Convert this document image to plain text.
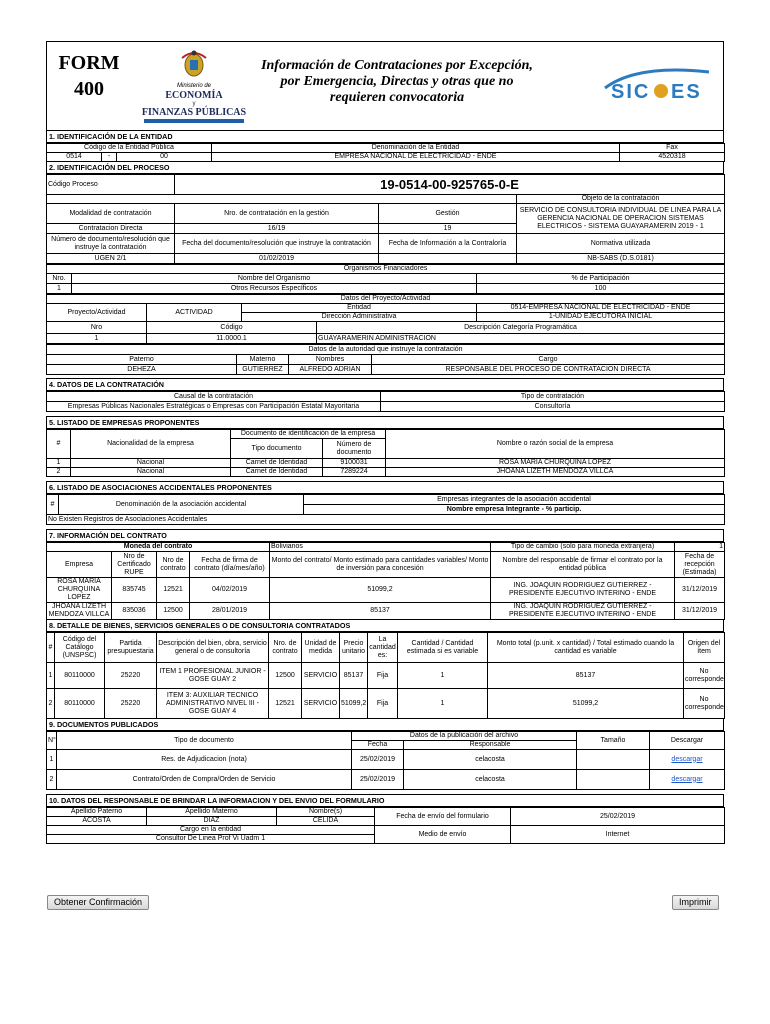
FORM
400	Ministerio de
ECONOMÍA
y
FINANZAS PÚBLICAS
Información de Contrataciones por Excepción, por Emergencia, Directas y otras que no requieren convocatoria	SIC ES
1. IDENTIFICACIÓN DE LA ENTIDAD
Código de la Entidad Pública			Denominación de la Entidad	Fax
0514	-	00	EMPRESA NACIONAL DE ELECTRICIDAD - ENDE	4520318
2. IDENTIFICACIÓN DEL PROCESO
Código Proceso	19-0514-00-925765-0-E		
			Objeto de la contratación
			SERVICIO DE CONSULTORIA INDIVIDUAL DE LINEA PARA LA GERENCIA NACIONAL DE OPERACION SISTEMAS ELECTRICOS - SISTEMA GUAYARAMERIN 2019 - 1
Modalidad de contratación	Nro. de contratación en la gestión	Gestión	
Contratacion Directa	16/19	19	
Número de documento/resolución que instruye la contratación	Fecha del documento/resolución que instruye la contratación	Fecha de Información a la Contraloría	Normativa utilizada
UGEN 2/1	01/02/2019		NB-SABS (D.S.0181)
Organismos Financiadores		
Nro.	Nombre del Organismo	% de Participación
1	Otros Recursos Específicos	100
Datos del Proyecto/Actividad				
Proyecto/Actividad	ACTIVIDAD	Entidad		0514-EMPRESA NACIONAL DE ELECTRICIDAD - ENDE
		Dirección Administrativa		1-UNIDAD EJECUTORA INICIAL
Nro	Código		Descripción Categoría Programática	
1	11.0000.1		GUAYARAMERIN ADMINISTRACION	
Datos de la autoridad que instruye la contratación			
Paterno	Materno	Nombres	Cargo
DEHEZA	GUTIERREZ	ALFREDO ADRIAN	RESPONSABLE DEL PROCESO DE CONTRATACION DIRECTA
4. DATOS DE LA CONTRATACIÓN
Causal de la contratación	Tipo de contratación
Empresas Públicas Nacionales Estratégicas o Empresas con Participación Estatal Mayoritaria	Consultoría
5. LISTADO DE EMPRESAS PROPONENTES
#	Nacionalidad de la empresa	Documento de identificación de la empresa		Nombre o razón social de la empresa
		Tipo documento	Número de documento	
1	Nacional	Carnet de Identidad	9100031	ROSA MARIA CHURQUINA LOPEZ
2	Nacional	Carnet de Identidad	7289224	JHOANA LIZETH MENDOZA VILLCA
6. LISTADO DE ASOCIACIONES ACCIDENTALES PROPONENTES
#	Denominación de la asociación accidental	Empresas integrantes de la asociación accidental
Nombre empresa Integrante - % particip.
No Existen Registros de Asociaciones Accidentales
7. INFORMACIÓN DEL CONTRATO
Moneda del contrato				Bolivianos	Tipo de cambio (solo para moneda extranjera)	1
Empresa	Nro de Certificado RUPE	Nro de contrato	Fecha de firma de contrato (día/mes/año)	Monto del contrato/ Monto estimado para cantidades variables/ Monto de inversión para concesión	Nombre del responsable de firmar el contrato por la entidad pública	Fecha de recepción (Estimada)
ROSA MARIA CHURQUINA LOPEZ	835745	12521	04/02/2019	51099,2	ING. JOAQUIN RODRIGUEZ GUTIERREZ - PRESIDENTE EJECUTIVO INTERINO - ENDE	31/12/2019
JHOANA LIZETH MENDOZA VILLCA	835036	12500	28/01/2019	85137	ING. JOAQUIN RODRIGUEZ GUTIERREZ - PRESIDENTE EJECUTIVO INTERINO - ENDE	31/12/2019
8. DETALLE DE BIENES, SERVICIOS GENERALES O DE CONSULTORIA CONTRATADOS
#	Código del Catálogo (UNSPSC)	Partida presupuestaria	Descripción del bien, obra, servicio general o de consultoría	Nro. de contrato	Unidad de medida	Precio unitario	La cantidad es:	Cantidad / Cantidad estimada si es variable	Monto total (p.unit. x cantidad) / Total estimado cuando la cantidad es variable	Origen del ítem
1	80110000	25220	ITEM 1 PROFESIONAL JUNIOR - GOSE GUAY 2	12500	SERVICIO	85137	Fija	1	85137	No corresponde
2	80110000	25220	ITEM 3: AUXILIAR TECNICO ADMINISTRATIVO NIVEL III - GOSE GUAY 4	12521	SERVICIO	51099,2	Fija	1	51099,2	No corresponde
9. DOCUMENTOS PUBLICADOS
N°	Tipo de documento	Datos de la publicación del archivo		Tamaño	Descargar
		Fecha	Responsable		
1	Res. de Adjudicacion (nota)	25/02/2019	celacosta		descargar
2	Contrato/Orden de Compra/Orden de Servicio	25/02/2019	celacosta		descargar
10. DATOS DEL RESPONSABLE DE BRINDAR LA INFORMACION Y DEL ENVIO DEL FORMULARIO
Apellido Paterno	Apellido Materno	Nombre(s)	Fecha de envío del formulario	25/02/2019
ACOSTA	DIAZ	CELIDA		
Cargo en la entidad			Medio de envío	Internet
Consultor De Linea Prof Vi Uadm 1				
Obtener Confirmación	Imprimir
